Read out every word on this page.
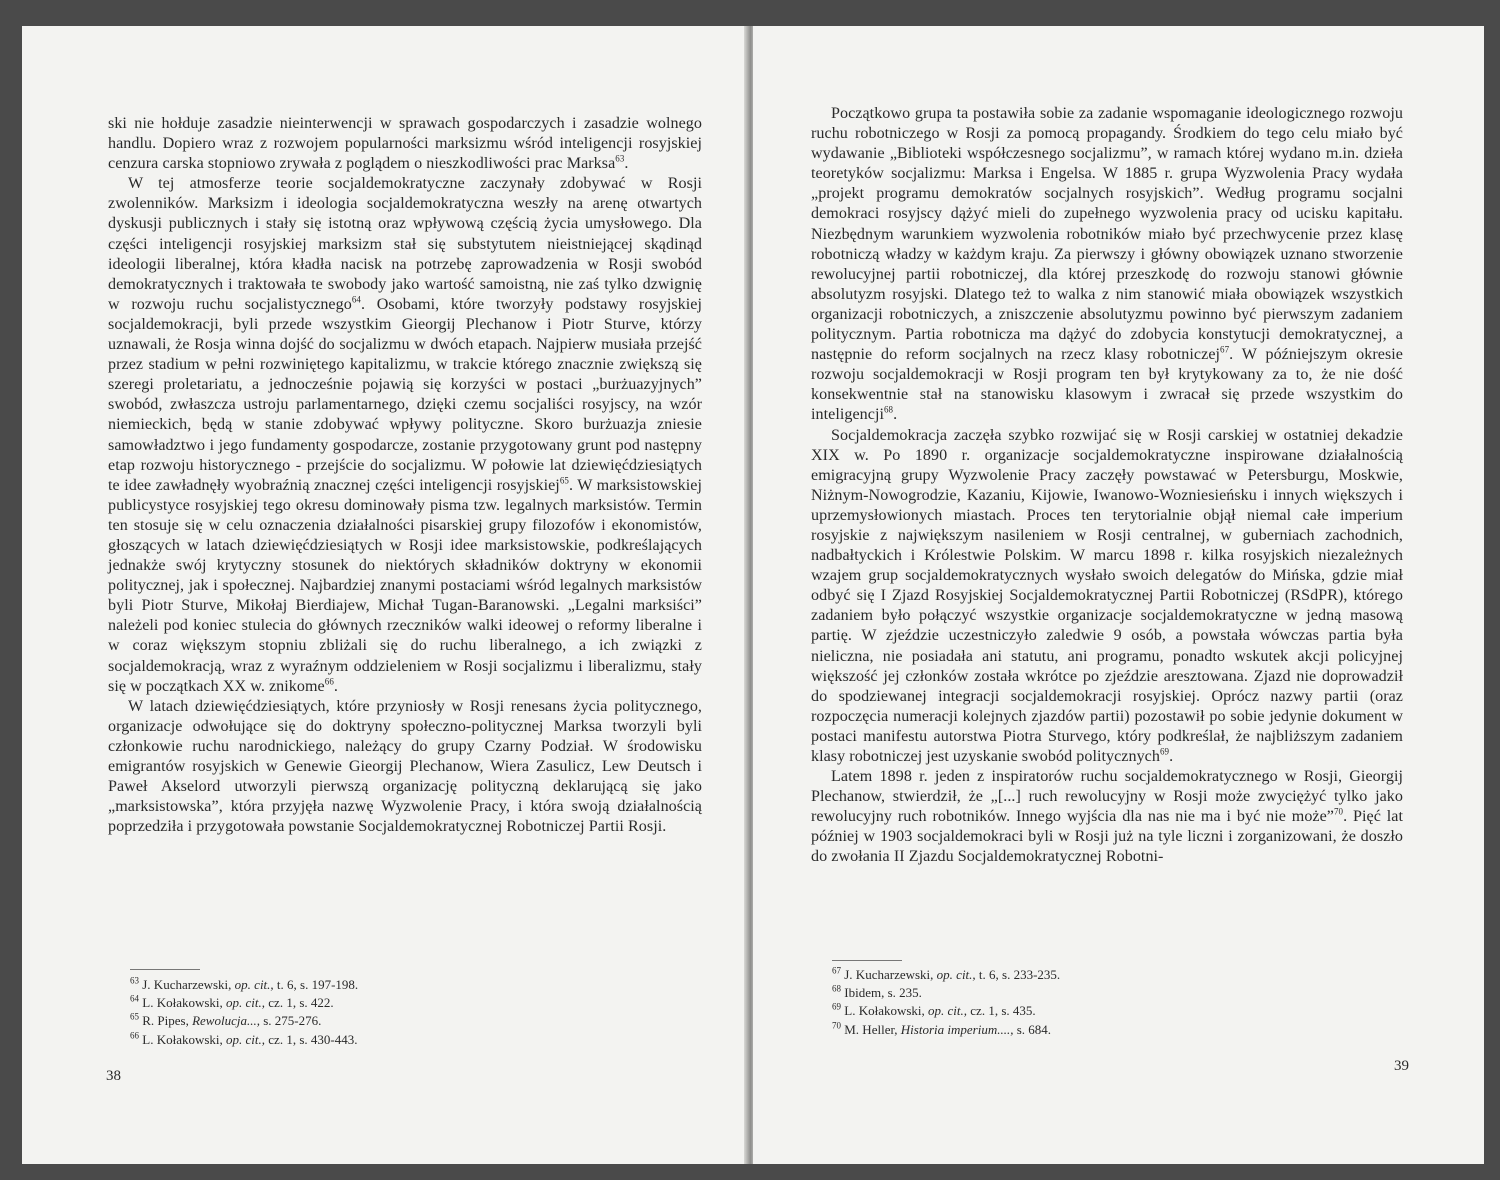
ski nie hołduje zasadzie nieinterwencji w sprawach gospodarczych i zasadzie wolnego handlu. Dopiero wraz z rozwojem popularności marksizmu wśród inteligencji rosyjskiej cenzura carska stopniowo zrywała z poglądem o nieszkodliwości prac Marksa$^{63}$.

W tej atmosferze teorie socjaldemokratyczne zaczynały zdobywać w Rosji zwolenników. Marksizm i ideologia socjaldemokratyczna weszły na arenę otwartych dyskusji publicznych i stały się istotną oraz wpływową częścią życia umysłowego. Dla części inteligencji rosyjskiej marksizm stał się substytutem nieistniejącej skądinąd ideologii liberalnej, która kładła nacisk na potrzebę zaprowadzenia w Rosji swobód demokratycznych i traktowała te swobody jako wartość samoistną, nie zaś tylko dzwignię w rozwoju ruchu socjalistycznego$^{64}$. Osobami, które tworzyły podstawy rosyjskiej socjaldemokracji, byli przede wszystkim Gieorgij Plechanow i Piotr Sturve, którzy uznawali, że Rosja winna dojść do socjalizmu w dwóch etapach. Najpierw musiała przejść przez stadium w pełni rozwiniętego kapitalizmu, w trakcie którego znacznie zwiększą się szeregi proletariatu, a jednocześnie pojawią się korzyści w postaci „burżuazyjnych” swobód, zwłaszcza ustroju parlamentarnego, dzięki czemu socjaliści rosyjscy, na wzór niemieckich, będą w stanie zdobywać wpływy polityczne. Skoro burżuazja zniesie samowładztwo i jego fundamenty gospodarcze, zostanie przygotowany grunt pod następny etap rozwoju historycznego - przejście do socjalizmu. W połowie lat dziewięćdziesiątych te idee zawładnęły wyobraźnią znacznej części inteligencji rosyjskiej$^{65}$. W marksistowskiej publicystyce rosyjskiej tego okresu dominowały pisma tzw. legalnych marksistów. Termin ten stosuje się w celu oznaczenia działalności pisarskiej grupy filozofów i ekonomistów, głoszących w latach dziewięćdziesiątych w Rosji idee marksistowskie, podkreślających jednakże swój krytyczny stosunek do niektórych składników doktryny w ekonomii politycznej, jak i społecznej. Najbardziej znanymi postaciami wśród legalnych marksistów byli Piotr Sturve, Mikołaj Bierdiajew, Michał Tugan-Baranowski. „Legalni marksiści” należeli pod koniec stulecia do głównych rzeczników walki ideowej o reformy liberalne i w coraz większym stopniu zbliżali się do ruchu liberalnego, a ich związki z socjaldemokracją, wraz z wyraźnym oddzieleniem w Rosji socjalizmu i liberalizmu, stały się w początkach XX w. znikome$^{66}$.

W latach dziewięćdziesiątych, które przyniosły w Rosji renesans życia politycznego, organizacje odwołujące się do doktryny społeczno-politycznej Marksa tworzyli byli członkowie ruchu narodnickiego, należący do grupy Czarny Podział. W środowisku emigrantów rosyjskich w Genewie Gieorgij Plechanow, Wiera Zasulicz, Lew Deutsch i Paweł Akselord utworzyli pierwszą organizację polityczną deklarującą się jako „marksistowska”, która przyjęła nazwę Wyzwolenie Pracy, i która swoją działalnością poprzedziła i przygotowała powstanie Socjaldemokratycznej Robotniczej Partii Rosji.

$^{63}$ J. Kucharzewski, op. cit., t. 6, s. 197-198.
$^{64}$ L. Kołakowski, op. cit., cz. 1, s. 422.
$^{65}$ R. Pipes, Rewolucja..., s. 275-276.
$^{66}$ L. Kołakowski, op. cit., cz. 1, s. 430-443.
38

Początkowo grupa ta postawiła sobie za zadanie wspomaganie ideologicznego rozwoju ruchu robotniczego w Rosji za pomocą propagandy. Środkiem do tego celu miało być wydawanie „Biblioteki współczesnego socjalizmu”, w ramach której wydano m.in. dzieła teoretyków socjalizmu: Marksa i Engelsa. W 1885 r. grupa Wyzwolenia Pracy wydała „projekt programu demokratów socjalnych rosyjskich”. Według programu socjalni demokraci rosyjscy dążyć mieli do zupełnego wyzwolenia pracy od ucisku kapitału. Niezbędnym warunkiem wyzwolenia robotników miało być przechwycenie przez klasę robotniczą władzy w każdym kraju. Za pierwszy i główny obowiązek uznano stworzenie rewolucyjnej partii robotniczej, dla której przeszkodę do rozwoju stanowi głównie absolutyzm rosyjski. Dlatego też to walka z nim stanowić miała obowiązek wszystkich organizacji robotniczych, a zniszczenie absolutyzmu powinno być pierwszym zadaniem politycznym. Partia robotnicza ma dążyć do zdobycia konstytucji demokratycznej, a następnie do reform socjalnych na rzecz klasy robotniczej$^{67}$. W późniejszym okresie rozwoju socjaldemokracji w Rosji program ten był krytykowany za to, że nie dość konsekwentnie stał na stanowisku klasowym i zwracał się przede wszystkim do inteligencji$^{68}$.

Socjaldemokracja zaczęła szybko rozwijać się w Rosji carskiej w ostatniej dekadzie XIX w. Po 1890 r. organizacje socjaldemokratyczne inspirowane działalnością emigracyjną grupy Wyzwolenie Pracy zaczęły powstawać w Petersburgu, Moskwie, Niżnym-Nowogrodzie, Kazaniu, Kijowie, Iwanowo-Wozniesieńsku i innych większych i uprzemysłowionych miastach. Proces ten terytorialnie objął niemal całe imperium rosyjskie z największym nasileniem w Rosji centralnej, w guberniach zachodnich, nadbałtyckich i Królestwie Polskim. W marcu 1898 r. kilka rosyjskich niezależnych wzajem grup socjaldemokratycznych wysłało swoich delegatów do Mińska, gdzie miał odbyć się I Zjazd Rosyjskiej Socjaldemokratycznej Partii Robotniczej (RSdPR), którego zadaniem było połączyć wszystkie organizacje socjaldemokratyczne w jedną masową partię. W zjeździe uczestniczyło zaledwie 9 osób, a powstała wówczas partia była nieliczna, nie posiadała ani statutu, ani programu, ponadto wskutek akcji policyjnej większość jej członków została wkrótce po zjeździe aresztowana. Zjazd nie doprowadził do spodziewanej integracji socjaldemokracji rosyjskiej. Oprócz nazwy partii (oraz rozpoczęcia numeracji kolejnych zjazdów partii) pozostawił po sobie jedynie dokument w postaci manifestu autorstwa Piotra Sturvego, który podkreślał, że najbliższym zadaniem klasy robotniczej jest uzyskanie swobód politycznych$^{69}$.

Latem 1898 r. jeden z inspiratorów ruchu socjaldemokratycznego w Rosji, Gieorgij Plechanow, stwierdził, że „[...] ruch rewolucyjny w Rosji może zwyciężyć tylko jako rewolucyjny ruch robotników. Innego wyjścia dla nas nie ma i być nie może”$^{70}$. Pięć lat później w 1903 socjaldemokraci byli w Rosji już na tyle liczni i zorganizowani, że doszło do zwołania II Zjazdu Socjaldemokratycznej Robotni-

$^{67}$ J. Kucharzewski, op. cit., t. 6, s. 233-235.
$^{68}$ Ibidem, s. 235.
$^{69}$ L. Kołakowski, op. cit., cz. 1, s. 435.
$^{70}$ M. Heller, Historia imperium...., s. 684.
39
